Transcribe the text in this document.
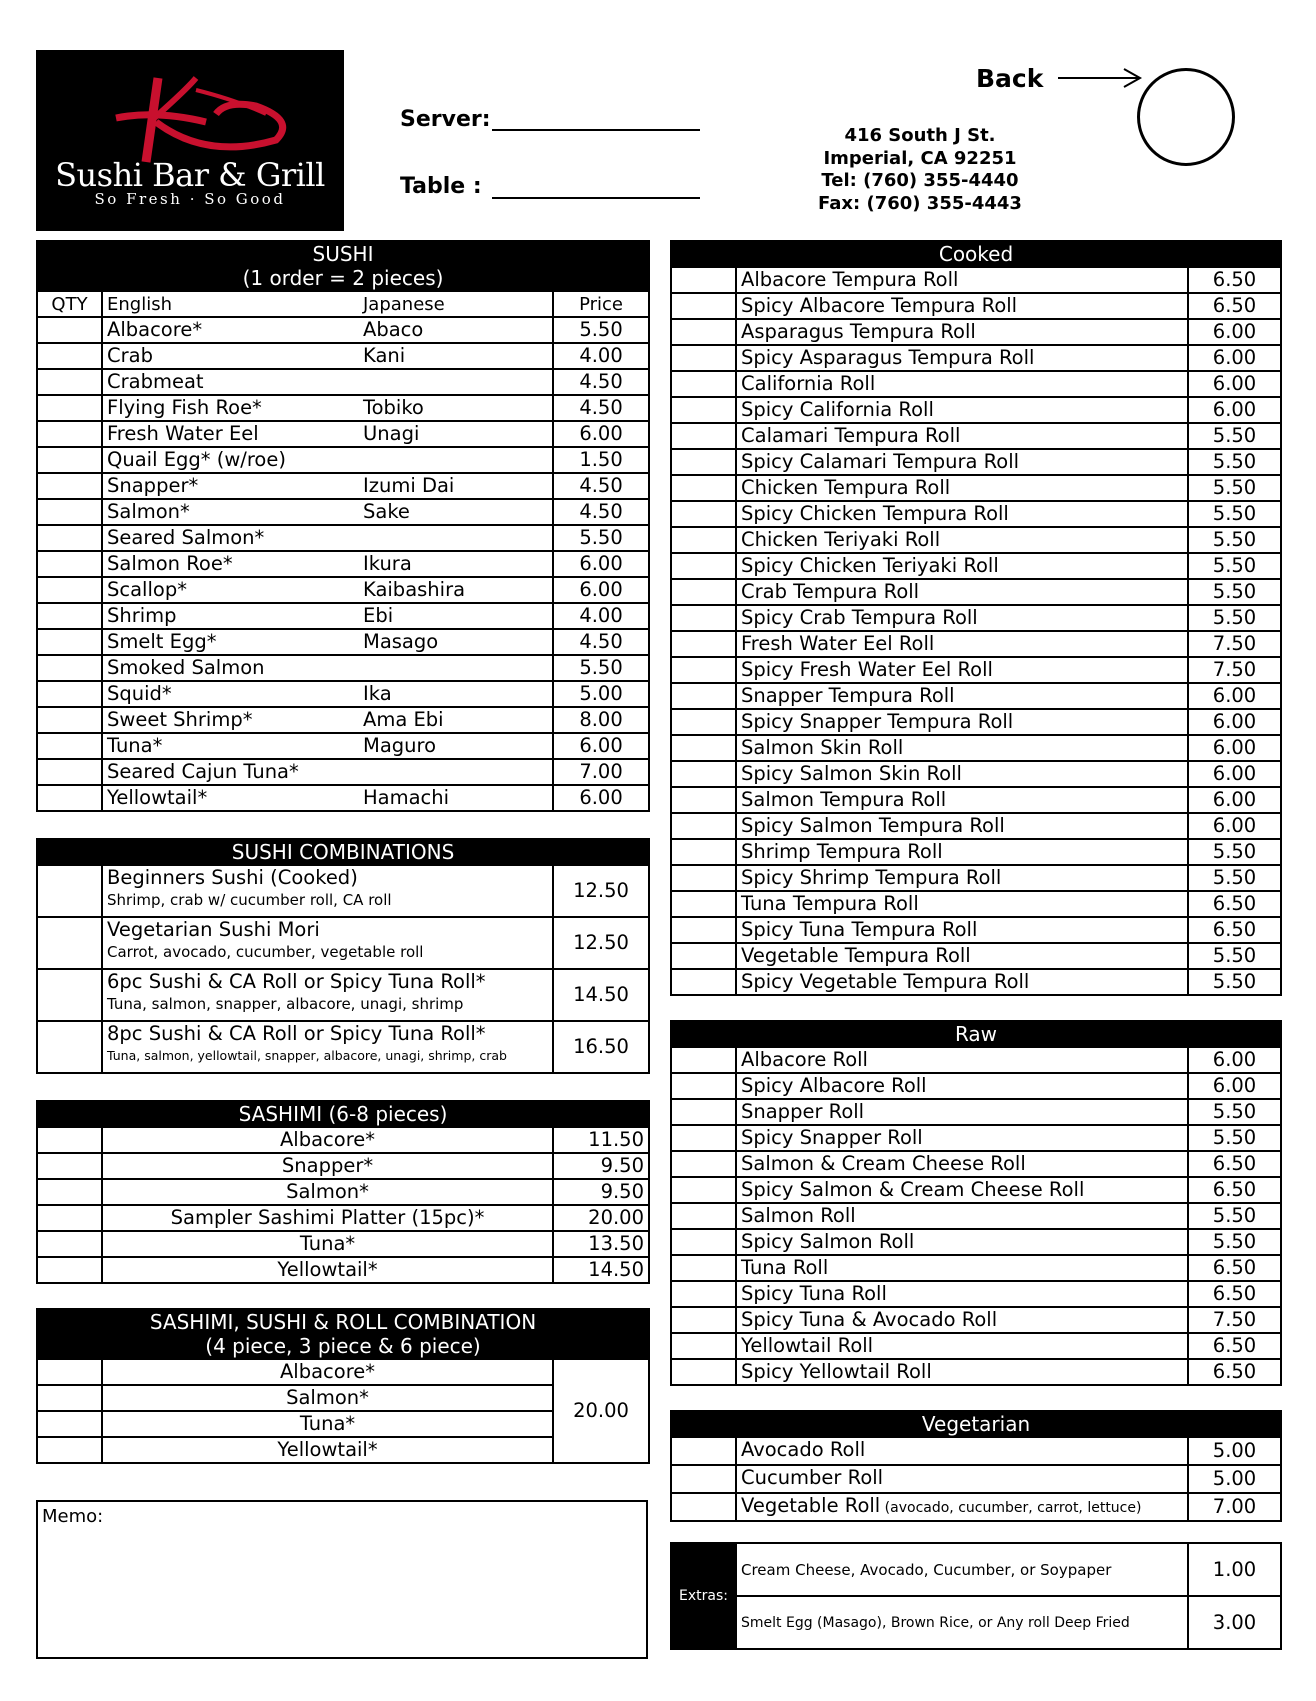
Sushi Bar & Grill
So Fresh · So Good
Server:
Table :
416 South J St.
Imperial, CA 92251
Tel: (760) 355-4440
Fax: (760) 355-4443
Back
SUSHI
(1 order = 2 pieces)			

QTY	English	Japanese	Price
	Albacore*	Abaco	5.50
	Crab	Kani	4.00
	Crabmeat		4.50
	Flying Fish Roe*	Tobiko	4.50
	Fresh Water Eel	Unagi	6.00
	Quail Egg* (w/roe)		1.50
	Snapper*	Izumi Dai	4.50
	Salmon*	Sake	4.50
	Seared Salmon*		5.50
	Salmon Roe*	Ikura	6.00
	Scallop*	Kaibashira	6.00
	Shrimp	Ebi	4.00
	Smelt Egg*	Masago	4.50
	Smoked Salmon		5.50
	Squid*	Ika	5.00
	Sweet Shrimp*	Ama Ebi	8.00
	Tuna*	Maguro	6.00
	Seared Cajun Tuna*		7.00
	Yellowtail*	Hamachi	6.00
SUSHI COMBINATIONS		

	Beginners Sushi (Cooked)
Shrimp, crab w/ cucumber roll, CA roll	12.50

	Vegetarian Sushi Mori
Carrot, avocado, cucumber, vegetable roll	12.50

	6pc Sushi & CA Roll or Spicy Tuna Roll*
Tuna, salmon, snapper, albacore, unagi, shrimp	14.50

	8pc Sushi & CA Roll or Spicy Tuna Roll*
Tuna, salmon, yellowtail, snapper, albacore, unagi, shrimp, crab	16.50
SASHIMI (6-8 pieces)		
	Albacore*	11.50
	Snapper*	9.50
	Salmon*	9.50
	Sampler Sashimi Platter (15pc)*	20.00
	Tuna*	13.50
	Yellowtail*	14.50
SASHIMI, SUSHI & ROLL COMBINATION
(4 piece, 3 piece & 6 piece)		

	Albacore*	20.00
	Salmon*	
	Tuna*	
	Yellowtail*	
Memo:
Cooked		
	Albacore Tempura Roll	6.50
	Spicy Albacore Tempura Roll	6.50
	Asparagus Tempura Roll	6.00
	Spicy Asparagus Tempura Roll	6.00
	California Roll	6.00
	Spicy California Roll	6.00
	Calamari Tempura Roll	5.50
	Spicy Calamari Tempura Roll	5.50
	Chicken Tempura Roll	5.50
	Spicy Chicken Tempura Roll	5.50
	Chicken Teriyaki Roll	5.50
	Spicy Chicken Teriyaki Roll	5.50
	Crab Tempura Roll	5.50
	Spicy Crab Tempura Roll	5.50
	Fresh Water Eel Roll	7.50
	Spicy Fresh Water Eel Roll	7.50
	Snapper Tempura Roll	6.00
	Spicy Snapper Tempura Roll	6.00
	Salmon Skin Roll	6.00
	Spicy Salmon Skin Roll	6.00
	Salmon Tempura Roll	6.00
	Spicy Salmon Tempura Roll	6.00
	Shrimp Tempura Roll	5.50
	Spicy Shrimp Tempura Roll	5.50
	Tuna Tempura Roll	6.50
	Spicy Tuna Tempura Roll	6.50
	Vegetable Tempura Roll	5.50
	Spicy Vegetable Tempura Roll	5.50
Raw		
	Albacore Roll	6.00
	Spicy Albacore Roll	6.00
	Snapper Roll	5.50
	Spicy Snapper Roll	5.50
	Salmon & Cream Cheese Roll	6.50
	Spicy Salmon & Cream Cheese Roll	6.50
	Salmon Roll	5.50
	Spicy Salmon Roll	5.50
	Tuna Roll	6.50
	Spicy Tuna Roll	6.50
	Spicy Tuna & Avocado Roll	7.50
	Yellowtail Roll	6.50
	Spicy Yellowtail Roll	6.50
Vegetarian		
	Avocado Roll	5.00
	Cucumber Roll	5.00
	Vegetable Roll (avocado, cucumber, carrot, lettuce)	7.00
Extras:	Cream Cheese, Avocado, Cucumber, or Soypaper	1.00
	Smelt Egg (Masago), Brown Rice, or Any roll Deep Fried	3.00
